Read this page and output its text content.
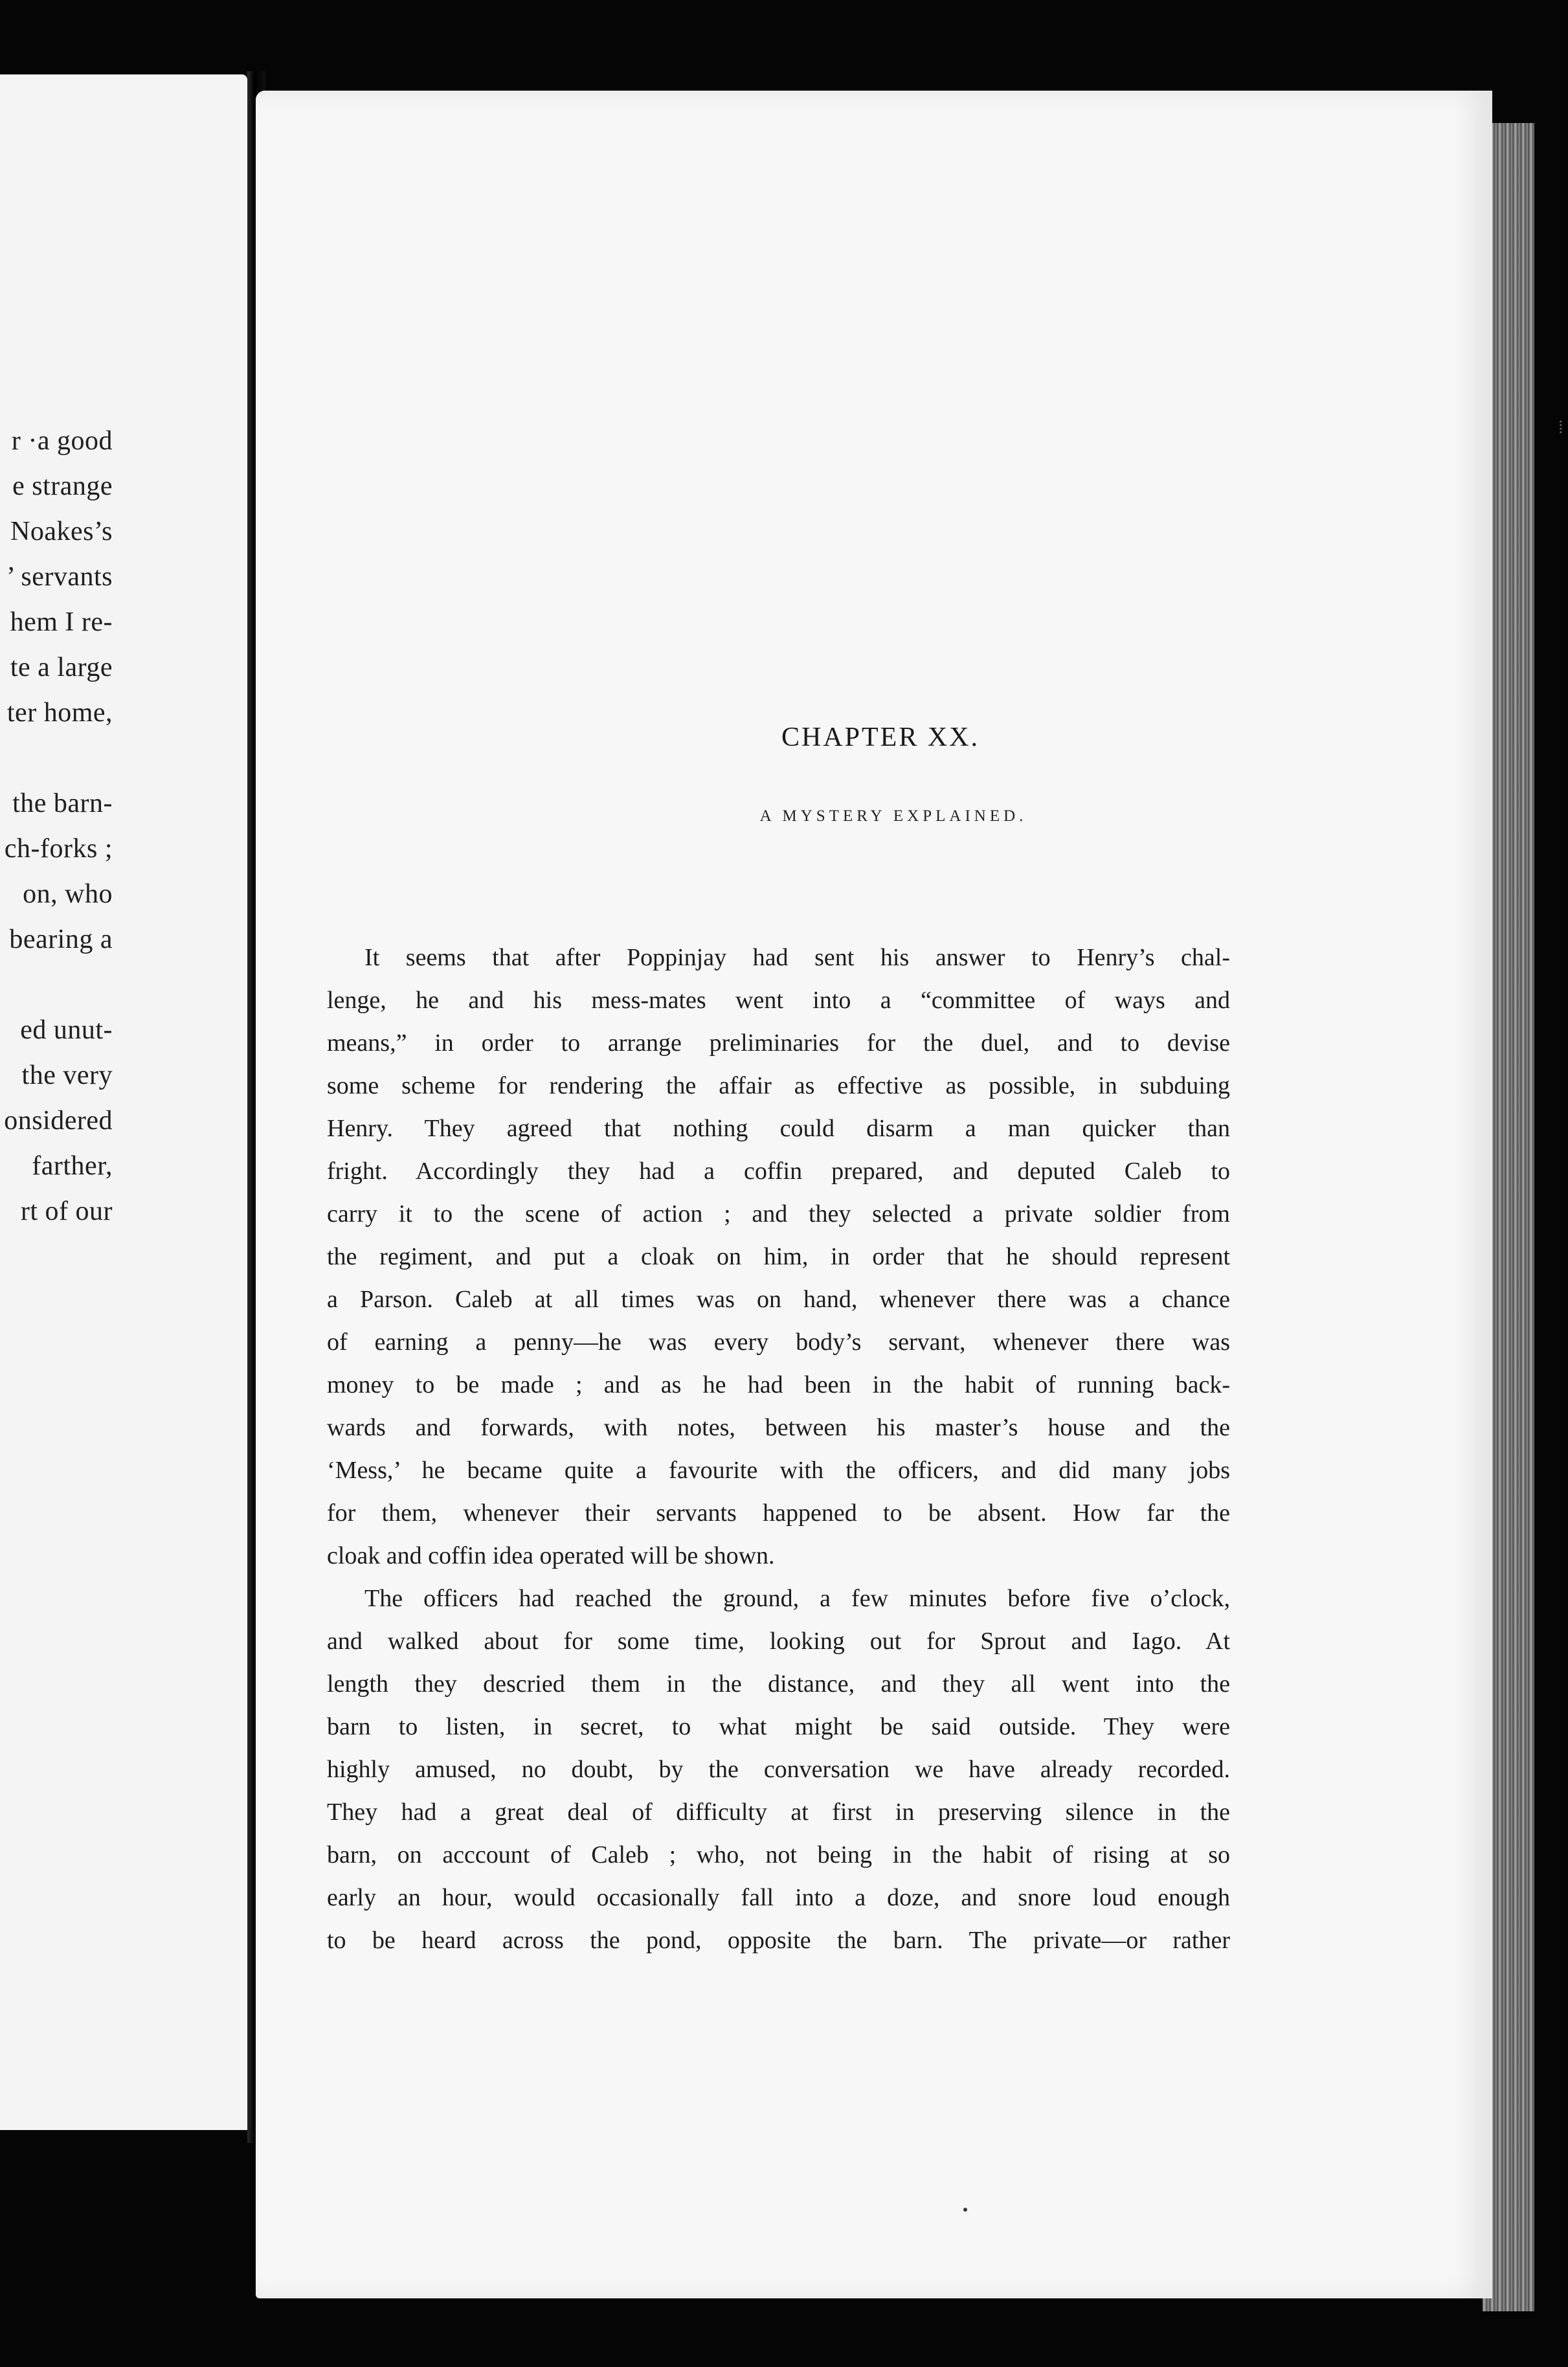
r ·a good
e strange
Noakes’s
’ servants
hem I re-
te a large
ter home,
the barn-
ch-forks ;
on, who
bearing a
ed unut-
the very
onsidered
farther,
rt of our
⁞
CHAPTER XX.
A MYSTERY EXPLAINED.
It seems that after Poppinjay had sent his answer to Henry’s chal-
lenge, he and his mess-mates went into a “committee of ways and
means,” in order to arrange preliminaries for the duel, and to devise
some scheme for rendering the affair as effective as possible, in subduing
Henry. They agreed that nothing could disarm a man quicker than
fright. Accordingly they had a coffin prepared, and deputed Caleb to
carry it to the scene of action ; and they selected a private soldier from
the regiment, and put a cloak on him, in order that he should represent
a Parson. Caleb at all times was on hand, whenever there was a chance
of earning a penny—he was every body’s servant, whenever there was
money to be made ; and as he had been in the habit of running back-
wards and forwards, with notes, between his master’s house and the
‘Mess,’ he became quite a favourite with the officers, and did many jobs
for them, whenever their servants happened to be absent. How far the
cloak and coffin idea operated will be shown.
The officers had reached the ground, a few minutes before five o’clock,
and walked about for some time, looking out for Sprout and Iago. At
length they descried them in the distance, and they all went into the
barn to listen, in secret, to what might be said outside. They were
highly amused, no doubt, by the conversation we have already recorded.
They had a great deal of difficulty at first in preserving silence in the
barn, on acccount of Caleb ; who, not being in the habit of rising at so
early an hour, would occasionally fall into a doze, and snore loud enough
to be heard across the pond, opposite the barn. The private—or rather
